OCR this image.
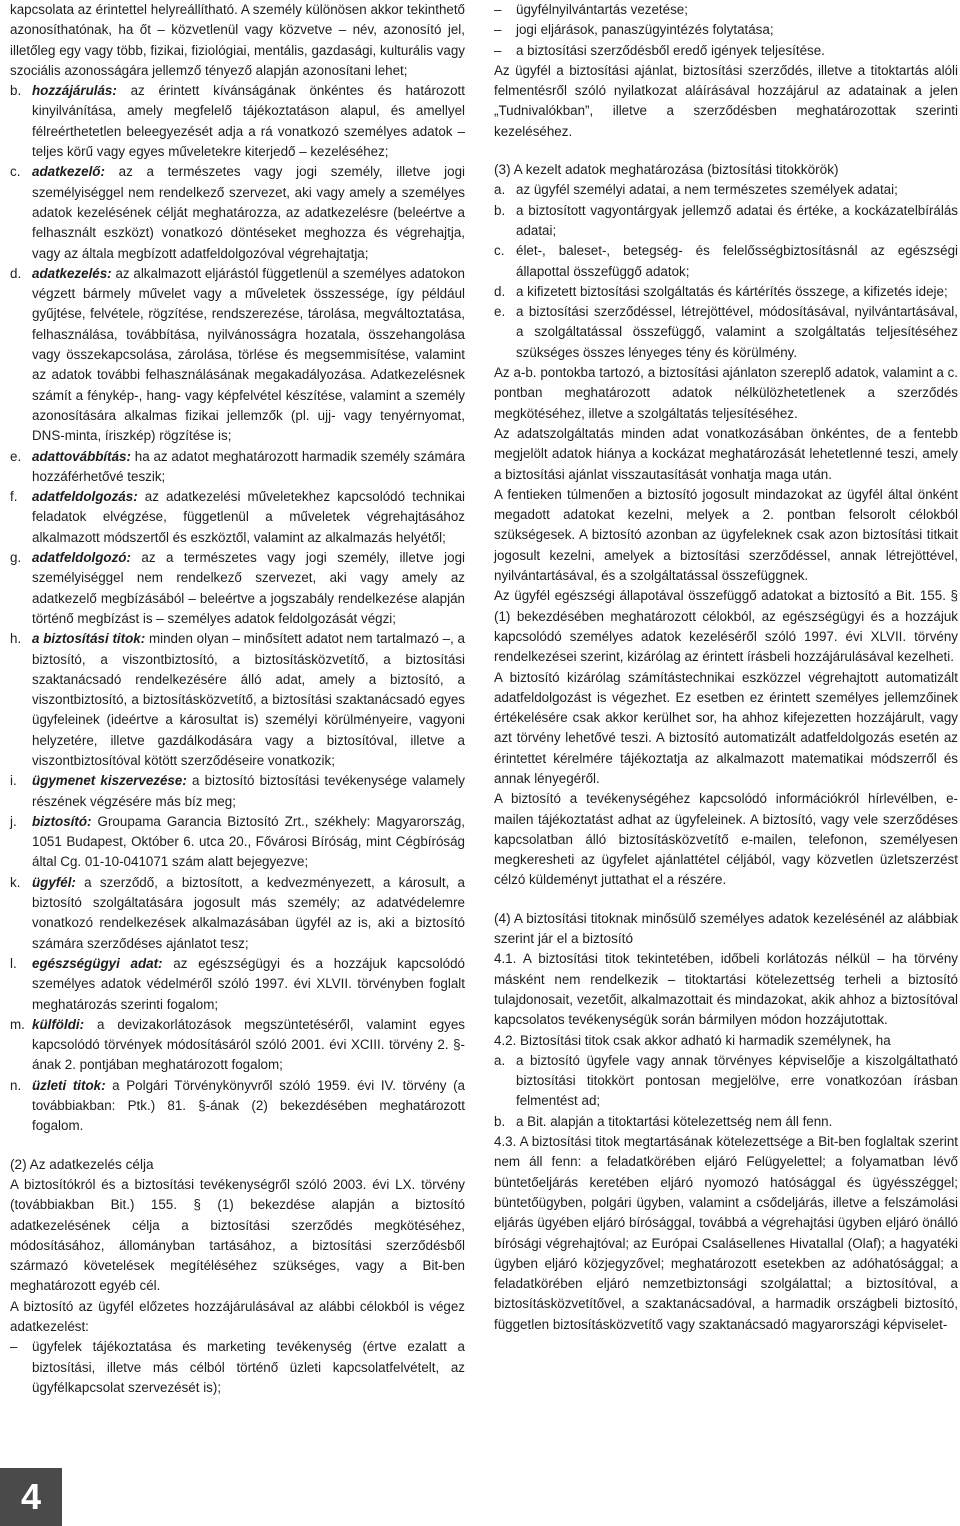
kapcsolata az érintettel helyreállítható. A személy különösen akkor tekinthető azonosíthatónak, ha őt – közvetlenül vagy közvetve – név, azonosító jel, illetőleg egy vagy több, fizikai, fiziológiai, mentális, gazdasági, kulturális vagy szociális azonosságára jellemző tényező alapján azonosítani lehet;

b. hozzájárulás: az érintett kívánságának önkéntes és határozott kinyilvánítása, amely megfelelő tájékoztatáson alapul, és amellyel félreérthetetlen beleegyezését adja a rá vonatkozó személyes adatok – teljes körű vagy egyes műveletekre kiterjedő – kezeléséhez;
c. adatkezelő: az a természetes vagy jogi személy, illetve jogi személyiséggel nem rendelkező szervezet, aki vagy amely a személyes adatok kezelésének célját meghatározza, az adatkezelésre (beleértve a felhasznált eszközt) vonatkozó döntéseket meghozza és végrehajtja, vagy az általa megbízott adatfeldolgozóval végrehajtatja;
d. adatkezelés: az alkalmazott eljárástól függetlenül a személyes adatokon végzett bármely művelet vagy a műveletek összessége, így például gyűjtése, felvétele, rögzítése, rendszerezése, tárolása, megváltoztatása, felhasználása, továbbítása, nyilvánosságra hozatala, összehangolása vagy összekapcsolása, zárolása, törlése és megsemmisítése, valamint az adatok további felhasználásának megakadályozása. Adatkezelésnek számít a fénykép-, hang- vagy képfelvétel készítése, valamint a személy azonosítására alkalmas fizikai jellemzők (pl. ujj- vagy tenyérnyomat, DNS-minta, íriszkép) rögzítése is;
e. adattovábbítás: ha az adatot meghatározott harmadik személy számára hozzáférhetővé teszik;
f.	adatfeldolgozás: az adatkezelési műveletekhez kapcsolódó technikai feladatok elvégzése, függetlenül a műveletek végrehajtásához alkalmazott módszertől és eszköztől, valamint az alkalmazás helyétől;
g. adatfeldolgozó: az a természetes vagy jogi személy, illetve jogi személyiséggel nem rendelkező szervezet, aki vagy amely az adatkezelő megbízásából – beleértve a jogszabály rendelkezése alapján történő megbízást is – személyes adatok feldolgozását végzi;
h. a biztosítási titok: minden olyan – minősített adatot nem tartalmazó –, a biztosító, a viszontbiztosító, a biztosításközvetítő, a biztosítási szaktanácsadó rendelkezésére álló adat, amely a biztosító, a viszontbiztosító, a biztosításközvetítő, a biztosítási szaktanácsadó egyes ügyfeleinek (ideértve a károsultat is) személyi körülményeire, vagyoni helyzetére, illetve gazdálkodására vagy a biztosítóval, illetve a viszontbiztosítóval kötött szerződéseire vonatkozik;
i.	ügymenet kiszervezése: a biztosító biztosítási tevékenysége valamely részének végzésére más bíz meg;
j.	biztosító: Groupama Garancia Biztosító Zrt., székhely: Magyarország, 1051 Budapest, Október 6. utca 20., Fővárosi Bíróság, mint Cégbíróság által Cg. 01-10-041071 szám alatt bejegyezve;
k. ügyfél: a szerződő, a biztosított, a kedvezményezett, a károsult, a biztosító szolgáltatására jogosult más személy; az adatvédelemre vonatkozó rendelkezések alkalmazásában ügyfél az is, aki a biztosító számára szerződéses ajánlatot tesz;
l.	egészségügyi adat: az egészségügyi és a hozzájuk kapcsolódó személyes adatok védelméről szóló 1997. évi XLVII. törvényben foglalt meghatározás szerinti fogalom;
m. külföldi: a devizakorlátozások megszüntetéséről, valamint egyes kapcsolódó törvények módosításáról szóló 2001. évi XCIII. törvény 2. §-ának 2. pontjában meghatározott fogalom;
n. üzleti titok: a Polgári Törvénykönyvről szóló 1959. évi IV. törvény (a továbbiakban: Ptk.) 81. §-ának (2) bekezdésében meghatározott fogalom.

(2) Az adatkezelés célja

A biztosítókról és a biztosítási tevékenységről szóló 2003. évi LX. törvény (továbbiakban Bit.) 155. § (1) bekezdése alapján a biztosító adatkezelésének célja a biztosítási szerződés megkötéséhez, módosításához, állományban tartásához, a biztosítási szerződésből származó követelések megítéléséhez szükséges, vagy a Bit-ben meghatározott egyéb cél.

A biztosító az ügyfél előzetes hozzájárulásával az alábbi célokból is végez adatkezelést:

–	ügyfelek tájékoztatása és marketing tevékenység (értve ezalatt a biztosítási, illetve más célból történő üzleti kapcsolatfelvételt, az ügyfélkapcsolat szervezését is);
–	ügyfélnyilvántartás vezetése;
–	jogi eljárások, panaszügyintézés folytatása;
–	a biztosítási szerződésből eredő igények teljesítése.

Az ügyfél a biztosítási ajánlat, biztosítási szerződés, illetve a titoktartás alóli felmentésről szóló nyilatkozat aláírásával hozzájárul az adatainak a jelen „Tudnivalókban”, illetve a szerződésben meghatározottak szerinti kezeléséhez.

(3) A kezelt adatok meghatározása (biztosítási titokkörök)

a. az ügyfél személyi adatai, a nem természetes személyek adatai;
b. a biztosított vagyontárgyak jellemző adatai és értéke, a kockázatelbírálás adatai;
c. élet-, baleset-, betegség- és felelősségbiztosításnál az egészségi állapottal összefüggő adatok;
d. a kifizetett biztosítási szolgáltatás és kártérítés összege, a kifizetés ideje;
e. a biztosítási szerződéssel, létrejöttével, módosításával, nyilvántartásával, a szolgáltatással összefüggő, valamint a szolgáltatás teljesítéséhez szükséges összes lényeges tény és körülmény.

Az a-b. pontokba tartozó, a biztosítási ajánlaton szereplő adatok, valamint a c. pontban meghatározott adatok nélkülözhetetlenek a szerződés megkötéséhez, illetve a szolgáltatás teljesítéséhez.

Az adatszolgáltatás minden adat vonatkozásában önkéntes, de a fentebb megjelölt adatok hiánya a kockázat meghatározását lehetetlenné teszi, amely a biztosítási ajánlat visszautasítását vonhatja maga után.

A fentieken túlmenően a biztosító jogosult mindazokat az ügyfél által önként megadott adatokat kezelni, melyek a 2. pontban felsorolt célokból szükségesek. A biztosító azonban az ügyfeleknek csak azon biztosítási titkait jogosult kezelni, amelyek a biztosítási szerződéssel, annak létrejöttével, nyilvántartásával, és a szolgáltatással összefüggnek.

Az ügyfél egészségi állapotával összefüggő adatokat a biztosító a Bit. 155. § (1) bekezdésében meghatározott célokból, az egészségügyi és a hozzájuk kapcsolódó személyes adatok kezeléséről szóló 1997. évi XLVII. törvény rendelkezései szerint, kizárólag az érintett írásbeli hozzájárulásával kezelheti.

A biztosító kizárólag számítástechnikai eszközzel végrehajtott automatizált adatfeldolgozást is végezhet. Ez esetben ez érintett személyes jellemzőinek értékelésére csak akkor kerülhet sor, ha ahhoz kifejezetten hozzájárult, vagy azt törvény lehetővé teszi. A biztosító automatizált adatfeldolgozás esetén az érintettet kérelmére tájékoztatja az alkalmazott matematikai módszerről és annak lényegéről.

A biztosító a tevékenységéhez kapcsolódó információkról hírlevélben, e-mailen tájékoztatást adhat az ügyfeleinek. A biztosító, vagy vele szerződéses kapcsolatban álló biztosításközvetítő e-mailen, telefonon, személyesen megkeresheti az ügyfelet ajánlattétel céljából, vagy közvetlen üzletszerzést célzó küldeményt juttathat el a részére.

(4) A biztosítási titoknak minősülő személyes adatok kezelésénél az alábbiak szerint jár el a biztosító

4.1. A biztosítási titok tekintetében, időbeli korlátozás nélkül – ha törvény másként nem rendelkezik – titoktartási kötelezettség terheli a biztosító tulajdonosait, vezetőit, alkalmazottait és mindazokat, akik ahhoz a biztosítóval kapcsolatos tevékenységük során bármilyen módon hozzájutottak.

4.2. Biztosítási titok csak akkor adható ki harmadik személynek, ha

a. a biztosító ügyfele vagy annak törvényes képviselője a kiszolgáltatható biztosítási titokkört pontosan megjelölve, erre vonatkozóan írásban felmentést ad;
b. a Bit. alapján a titoktartási kötelezettség nem áll fenn.

4.3. A biztosítási titok megtartásának kötelezettsége a Bit-ben foglaltak szerint nem áll fenn: a feladatkörében eljáró Felügyelettel; a folyamatban lévő büntetőeljárás keretében eljáró nyomozó hatósággal és ügyésszéggel; büntetőügyben, polgári ügyben, valamint a csődeljárás, illetve a felszámolási eljárás ügyében eljáró bírósággal, továbbá a végrehajtási ügyben eljáró önálló bírósági végrehajtóval; az Európai Csalásellenes Hivatallal (Olaf); a hagyatéki ügyben eljáró közjegyzővel; meghatározott esetekben az adóhatósággal; a feladatkörében eljáró nemzetbiztonsági szolgálattal; a biztosítóval, a biztosításközvetítővel, a szaktanácsadóval, a harmadik országbeli biztosító, független biztosításközvetítő vagy szaktanácsadó magyarországi képviselet-

4
